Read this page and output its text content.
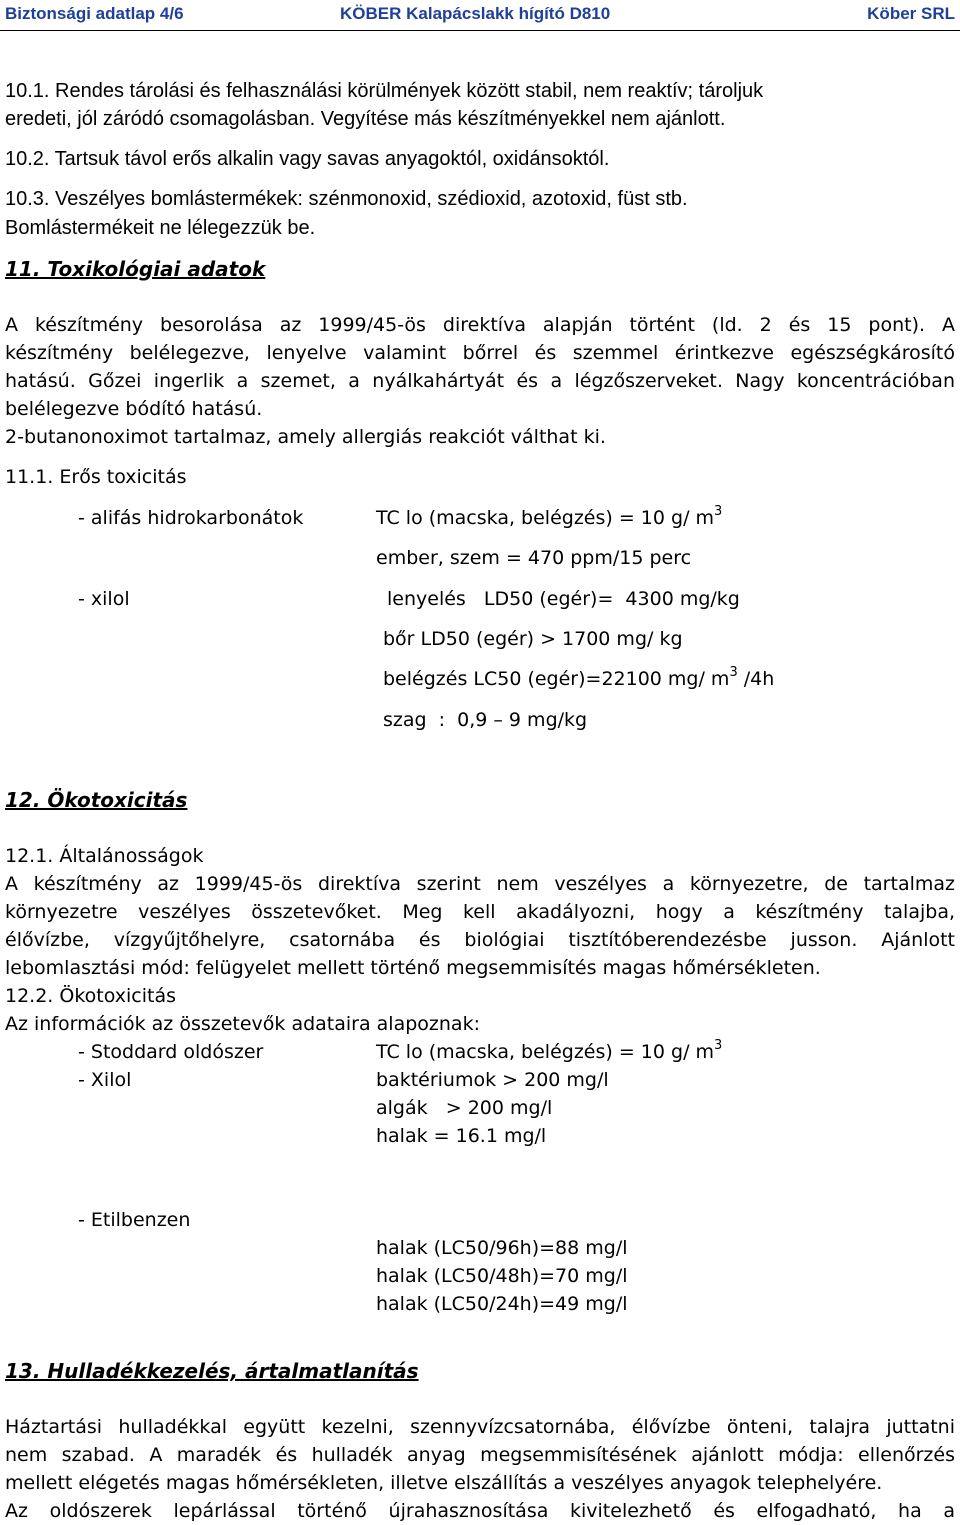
Biztonsági adatlap 4/6	KÖBER Kalapácslakk hígító D810	Köber SRL
10.1. Rendes tárolási és felhasználási körülmények között stabil, nem reaktív; tároljuk
eredeti, jól záródó csomagolásban. Vegyítése más készítményekkel nem ajánlott.
10.2. Tartsuk távol erős alkalin vagy savas anyagoktól, oxidánsoktól.
10.3. Veszélyes bomlástermékek: szénmonoxid, szédioxid, azotoxid, füst stb.
Bomlástermékeit ne lélegezzük be.
11. Toxikológiai adatok
A készítmény besorolása az 1999/45-ös direktíva alapján történt (ld. 2 és 15 pont). A
készítmény belélegezve, lenyelve valamint bőrrel és szemmel érintkezve egészségkárosító
hatású. Gőzei ingerlik a szemet, a nyálkahártyát és a légzőszerveket. Nagy koncentrációban
belélegezve bódító hatású.
2-butanonoximot tartalmaz, amely allergiás reakciót válthat ki.
11.1. Erős toxicitás
- alifás hidrokarbonátok	TC lo (macska, belégzés) = 10 g/ $m^3$
ember, szem = 470 ppm/15 perc
- xilol	lenyelés   LD50 (egér)=  4300 mg/kg
bőr LD50 (egér) > 1700 mg/ kg
belégzés LC50 (egér)=22100 mg/ $m^3$ /4h
szag  :  0,9 – 9 mg/kg
12. Ökotoxicitás
12.1. Általánosságok
A készítmény az 1999/45-ös direktíva szerint nem veszélyes a környezetre, de tartalmaz
környezetre veszélyes összetevőket. Meg kell akadályozni, hogy a készítmény talajba,
élővízbe, vízgyűjtőhelyre, csatornába és biológiai tisztítóberendezésbe jusson. Ajánlott
lebomlasztási mód: felügyelet mellett történő megsemmisítés magas hőmérsékleten.
12.2. Ökotoxicitás
Az információk az összetevők adataira alapoznak:
- Stoddard oldószer	TC lo (macska, belégzés) = 10 g/ $m^3$
- Xilol	baktériumok > 200 mg/l
algák   > 200 mg/l
halak = 16.1 mg/l
- Etilbenzen
halak (LC50/96h)=88 mg/l
halak (LC50/48h)=70 mg/l
halak (LC50/24h)=49 mg/l
13. Hulladékkezelés, ártalmatlanítás
Háztartási hulladékkal együtt kezelni, szennyvízcsatornába, élővízbe önteni, talajra juttatni
nem szabad. A maradék és hulladék anyag megsemmisítésének ajánlott módja: ellenőrzés
mellett elégetés magas hőmérsékleten, illetve elszállítás a veszélyes anyagok telephelyére.
Az oldószerek lepárlással történő újrahasznosítása kivitelezhető és elfogadható, ha a
